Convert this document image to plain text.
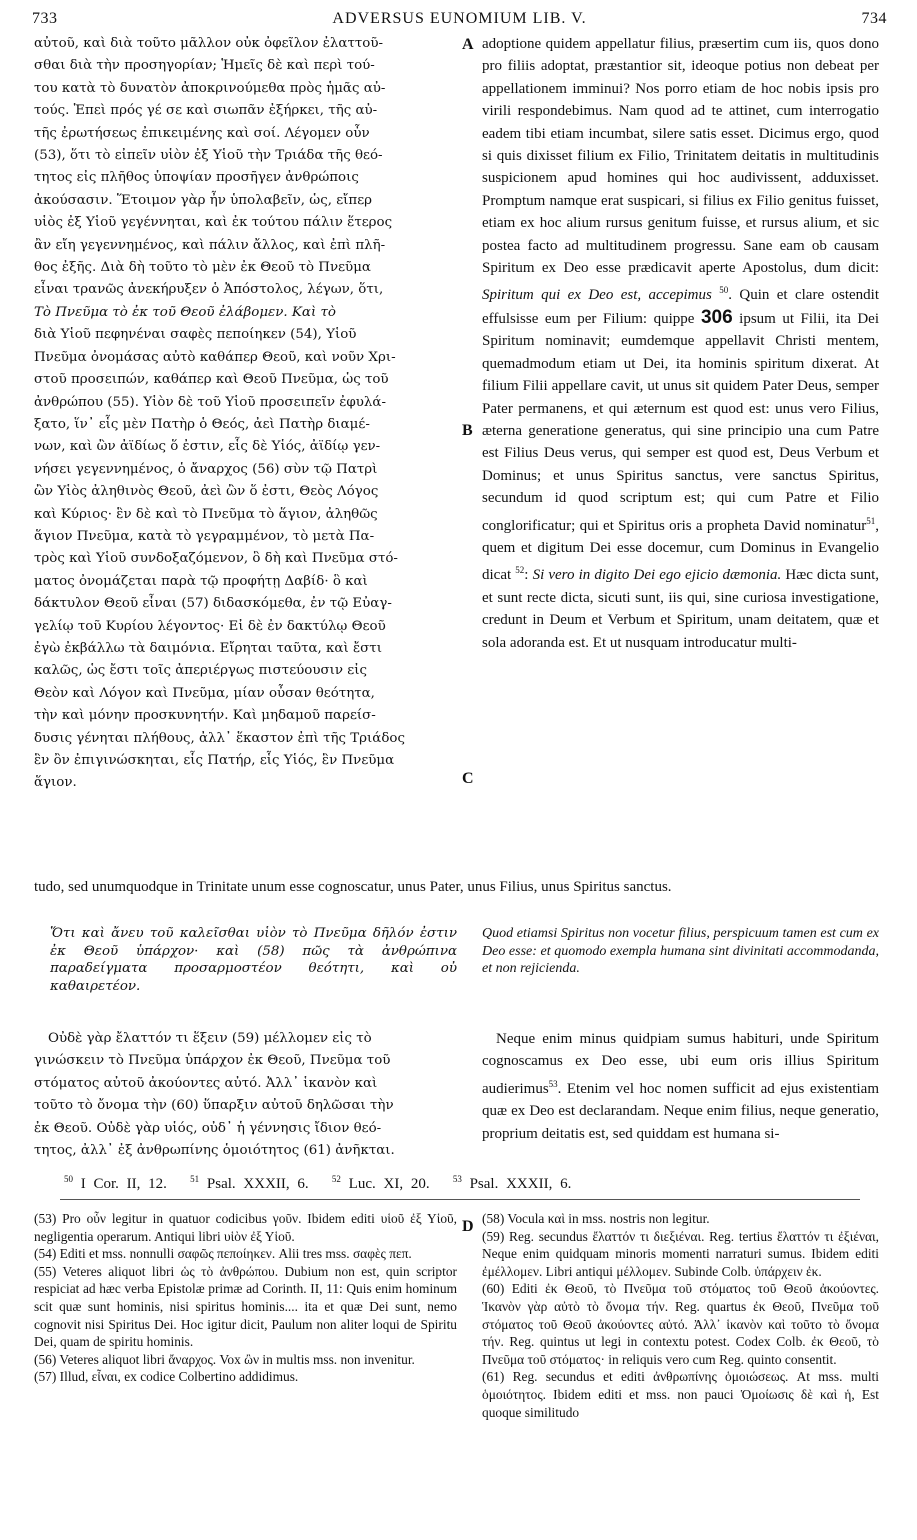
733	ADVERSUS EUNOMIUM LIB. V.	734
αὐτοῦ, καὶ διὰ τοῦτο μᾶλλον οὐκ ὀφεῖλον ἐλαττοῦ-
σθαι διὰ τὴν προσηγορίαν; Ἡμεῖς δὲ καὶ περὶ τού-
του κατὰ τὸ δυνατὸν ἀποκρινούμεθα πρὸς ἡμᾶς αὐ-
τούς. Ἐπεὶ πρός γέ σε καὶ σιωπᾶν ἐξήρκει, τῆς αὐ-
τῆς ἐρωτήσεως ἐπικειμένης καὶ σοί. Λέγομεν οὖν
(53), ὅτι τὸ εἰπεῖν υἱὸν ἐξ Υἱοῦ τὴν Τριάδα τῆς θεό-
τητος εἰς πλῆθος ὑποψίαν προσῆγεν ἀνθρώποις
ἀκούσασιν. Ἕτοιμον γὰρ ἦν ὑπολαβεῖν, ὡς, εἴπερ
υἱὸς ἐξ Υἱοῦ γεγέννηται, καὶ ἐκ τούτου πάλιν ἕτερος
ἂν εἴη γεγεννημένος, καὶ πάλιν ἄλλος, καὶ ἐπὶ πλῆ-
θος ἐξῆς. Διὰ δὴ τοῦτο τὸ μὲν ἐκ Θεοῦ τὸ Πνεῦμα
εἶναι τρανῶς ἀνεκήρυξεν ὁ Ἀπόστολος, λέγων, ὅτι,
Τὸ Πνεῦμα τὸ ἐκ τοῦ Θεοῦ ἐλάβομεν. Καὶ τὸ
διὰ Υἱοῦ πεφηνέναι σαφὲς πεποίηκεν (54), Υἱοῦ
Πνεῦμα ὀνομάσας αὐτὸ καθάπερ Θεοῦ, καὶ νοῦν Χρι-
στοῦ προσειπών, καθάπερ καὶ Θεοῦ Πνεῦμα, ὡς τοῦ
ἀνθρώπου (55). Υἱὸν δὲ τοῦ Υἱοῦ προσειπεῖν ἐφυλά-
ξατο, ἵν᾽ εἷς μὲν Πατὴρ ὁ Θεός, ἀεὶ Πατὴρ διαμέ-
νων, καὶ ὢν ἀϊδίως ὅ ἐστιν, εἷς δὲ Υἱός, ἀϊδίῳ γεν-
νήσει γεγεννημένος, ὁ ἄναρχος (56) σὺν τῷ Πατρὶ
ὢν Υἱὸς ἀληθινὸς Θεοῦ, ἀεὶ ὢν ὅ ἐστι, Θεὸς Λόγος
καὶ Κύριος· ἓν δὲ καὶ τὸ Πνεῦμα τὸ ἅγιον, ἀληθῶς
ἅγιον Πνεῦμα, κατὰ τὸ γεγραμμένον, τὸ μετὰ Πα-
τρὸς καὶ Υἱοῦ συνδοξαζόμενον, ὃ δὴ καὶ Πνεῦμα στό-
ματος ὀνομάζεται παρὰ τῷ προφήτῃ Δαβίδ· ὃ καὶ
δάκτυλον Θεοῦ εἶναι (57) διδασκόμεθα, ἐν τῷ Εὐαγ-
γελίῳ τοῦ Κυρίου λέγοντος· Εἰ δὲ ἐν δακτύλῳ Θεοῦ
ἐγὼ ἐκβάλλω τὰ δαιμόνια. Εἴρηται ταῦτα, καὶ ἔστι
καλῶς, ὡς ἔστι τοῖς ἀπεριέργως πιστεύουσιν εἰς
Θεὸν καὶ Λόγον καὶ Πνεῦμα, μίαν οὖσαν θεότητα,
τὴν καὶ μόνην προσκυνητήν. Καὶ μηδαμοῦ παρείσ-
δυσις γένηται πλήθους, ἀλλ᾽ ἕκαστον ἐπὶ τῆς Τριάδος
ἓν ὂν ἐπιγινώσκηται, εἷς Πατήρ, εἷς Υἱός, ἓν Πνεῦμα
ἅγιον.
A
B
C
D
adoptione quidem appellatur filius, præsertim cum iis, quos dono pro filiis adoptat, præstantior sit, ideoque potius non debeat per appellationem imminui? Nos porro etiam de hoc nobis ipsis pro virili respondebimus. Nam quod ad te attinet, cum interrogatio eadem tibi etiam incumbat, silere satis esset. Dicimus ergo, quod si quis dixisset filium ex Filio, Trinitatem deitatis in multitudinis suspicionem apud homines qui hoc audivissent, adduxisset. Promptum namque erat suspicari, si filius ex Filio genitus fuisset, etiam ex hoc alium rursus genitum fuisse, et rursus alium, et sic postea facto ad multitudinem progressu. Sane eam ob causam Spiritum ex Deo esse prædicavit aperte Apostolus, dum dicit: Spiritum qui ex Deo est, accepimus $^{50}$. Quin et clare ostendit effulsisse eum per Filium: quippe 306 ipsum ut Filii, ita Dei Spiritum nominavit; eumdemque appellavit Christi mentem, quemadmodum etiam ut Dei, ita hominis spiritum dixerat. At filium Filii appellare cavit, ut unus sit quidem Pater Deus, semper Pater permanens, et qui æternum est quod est: unus vero Filius, æterna generatione generatus, qui sine principio una cum Patre est Filius Deus verus, qui semper est quod est, Deus Verbum et Dominus; et unus Spiritus sanctus, vere sanctus Spiritus, secundum id quod scriptum est; qui cum Patre et Filio conglorificatur; qui et Spiritus oris a propheta David nominatur$^{51}$, quem et digitum Dei esse docemur, cum Dominus in Evangelio dicat $^{52}$: Si vero in digito Dei ego ejicio dæmonia. Hæc dicta sunt, et sunt recte dicta, sicuti sunt, iis qui, sine curiosa investigatione, credunt in Deum et Verbum et Spiritum, unam deitatem, quæ et sola adoranda est. Et ut nusquam introducatur multi-
tudo, sed unumquodque in Trinitate unum esse cognoscatur, unus Pater, unus Filius, unus Spiritus sanctus.
Ὅτι καὶ ἄνευ τοῦ καλεῖσθαι υἱὸν τὸ Πνεῦμα δῆλόν ἐστιν ἐκ Θεοῦ ὑπάρχον· καὶ (58) πῶς τὰ ἀνθρώπινα παραδείγματα προσαρμοστέον θεότητι, καὶ οὐ καθαιρετέον.
Quod etiamsi Spiritus non vocetur filius, perspicuum tamen est cum ex Deo esse: et quomodo exempla humana sint divinitati accommodanda, et non rejicienda.
Οὐδὲ γὰρ ἔλαττόν τι ἕξειν (59) μέλλομεν εἰς τὸ
γινώσκειν τὸ Πνεῦμα ὑπάρχον ἐκ Θεοῦ, Πνεῦμα τοῦ
στόματος αὐτοῦ ἀκούοντες αὐτό. Ἀλλ᾽ ἱκανὸν καὶ
τοῦτο τὸ ὄνομα τὴν (60) ὕπαρξιν αὐτοῦ δηλῶσαι τὴν
ἐκ Θεοῦ. Οὐδὲ γὰρ υἱός, οὐδ᾽ ἡ γέννησις ἴδιον θεό-
τητος, ἀλλ᾽ ἐξ ἀνθρωπίνης ὁμοιότητος (61) ἀνῆκται.
Neque enim minus quidpiam sumus habituri, unde Spiritum cognoscamus ex Deo esse, ubi eum oris illius Spiritum audierimus$^{53}$. Etenim vel hoc nomen sufficit ad ejus existentiam quæ ex Deo est declarandam. Neque enim filius, neque generatio, proprium deitatis est, sed quiddam est humana si-
$^{50}$ I Cor. II, 12.	$^{51}$ Psal. XXXII, 6.	$^{52}$ Luc. XI, 20.	$^{53}$ Psal. XXXII, 6.

(53) Pro οὖν legitur in quatuor codicibus γοῦν. Ibidem editi υἱοῦ ἐξ Υἱοῦ, negligentia operarum. Antiqui libri υἱὸν ἐξ Υἱοῦ.

(54) Editi et mss. nonnulli σαφῶς πεποίηκεν. Alii tres mss. σαφὲς πεπ.

(55) Veteres aliquot libri ὡς τὸ ἀνθρώπου. Dubium non est, quin scriptor respiciat ad hæc verba Epistolæ primæ ad Corinth. II, 11: Quis enim hominum scit quæ sunt hominis, nisi spiritus hominis.... ita et quæ Dei sunt, nemo cognovit nisi Spiritus Dei. Hoc igitur dicit, Paulum non aliter loqui de Spiritu Dei, quam de spiritu hominis.

(56) Veteres aliquot libri ἄναρχος. Vox ὢν in multis mss. non invenitur.

(57) Illud, εἶναι, ex codice Colbertino addidimus.

(58) Vocula καὶ in mss. nostris non legitur.

(59) Reg. secundus ἔλαττόν τι διεξιέναι. Reg. tertius ἔλαττόν τι ἐξιέναι, Neque enim quidquam minoris momenti narraturi sumus. Ibidem editi ἐμέλλομεν. Libri antiqui μέλλομεν. Subinde Colb. ὑπάρχειν ἐκ.

(60) Editi ἐκ Θεοῦ, τὸ Πνεῦμα τοῦ στόματος τοῦ Θεοῦ ἀκούοντες. Ἱκανὸν γὰρ αὐτὸ τὸ ὄνομα τήν. Reg. quartus ἐκ Θεοῦ, Πνεῦμα τοῦ στόματος τοῦ Θεοῦ ἀκούοντες αὐτό. Ἀλλ᾽ ἱκανὸν καὶ τοῦτο τὸ ὄνομα τήν. Reg. quintus ut legi in contextu potest. Codex Colb. ἐκ Θεοῦ, τὸ Πνεῦμα τοῦ στόματος· in reliquis vero cum Reg. quinto consentit.

(61) Reg. secundus et editi ἀνθρωπίνης ὁμοιώσεως. At mss. multi ὁμοιότητος. Ibidem editi et mss. non pauci Ὁμοίωσις δὲ καὶ ἡ, Est quoque similitudo
